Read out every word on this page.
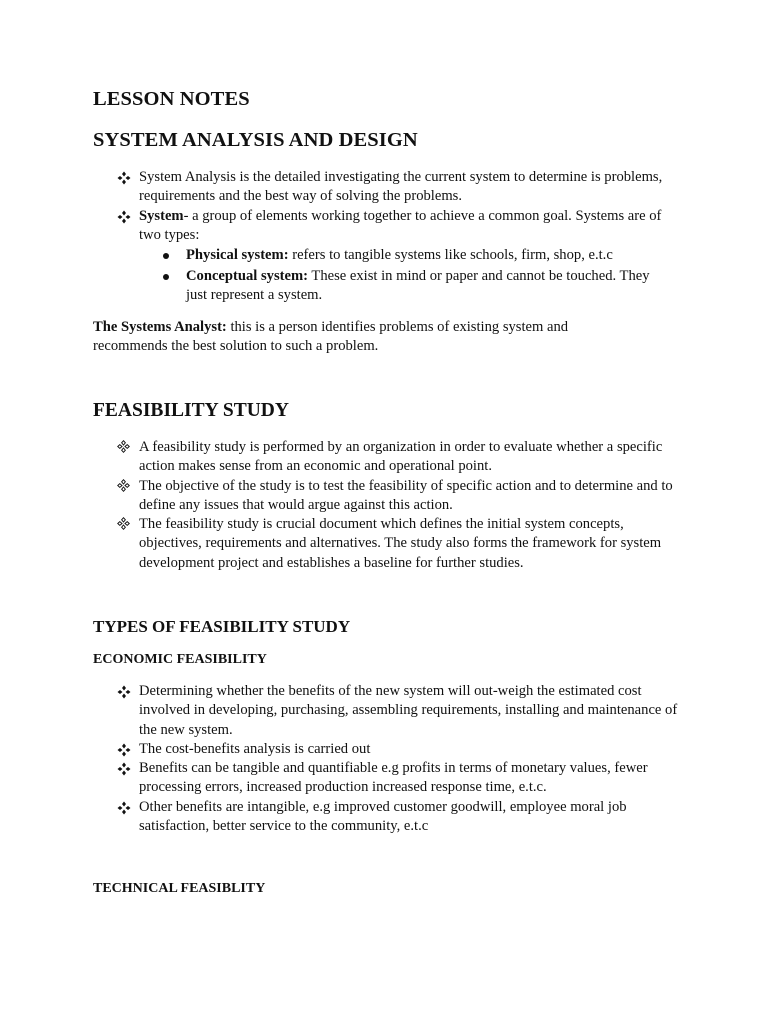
LESSON NOTES
SYSTEM ANALYSIS AND DESIGN
System Analysis is the detailed investigating the current system to determine is problems, requirements and the best way of solving the problems.
System- a group of elements working together to achieve a common goal. Systems are of two types:
Physical system: refers to tangible systems like schools, firm, shop, e.t.c
Conceptual system: These exist in mind or paper and cannot be touched. They just represent a system.
The Systems Analyst: this is a person identifies problems of existing system and recommends the best solution to such a problem.
FEASIBILITY STUDY
A feasibility study is performed by an organization in order to evaluate whether a specific action makes sense from an economic and operational point.
The objective of the study is to test the feasibility of specific action and to determine and to define any issues that would argue against this action.
The feasibility study is crucial document which defines the initial system concepts, objectives, requirements and alternatives. The study also forms the framework for system development project and establishes a baseline for further studies.
TYPES OF FEASIBILITY STUDY
ECONOMIC FEASIBILITY
Determining whether the benefits of the new system will out-weigh the estimated cost involved in developing, purchasing, assembling requirements, installing and maintenance of the new system.
The cost-benefits analysis is carried out
Benefits can be tangible and quantifiable e.g profits in terms of monetary values, fewer processing errors, increased production increased response time, e.t.c.
Other benefits are intangible, e.g improved customer goodwill, employee moral job satisfaction, better service to the community, e.t.c
TECHNICAL FEASIBLITY
